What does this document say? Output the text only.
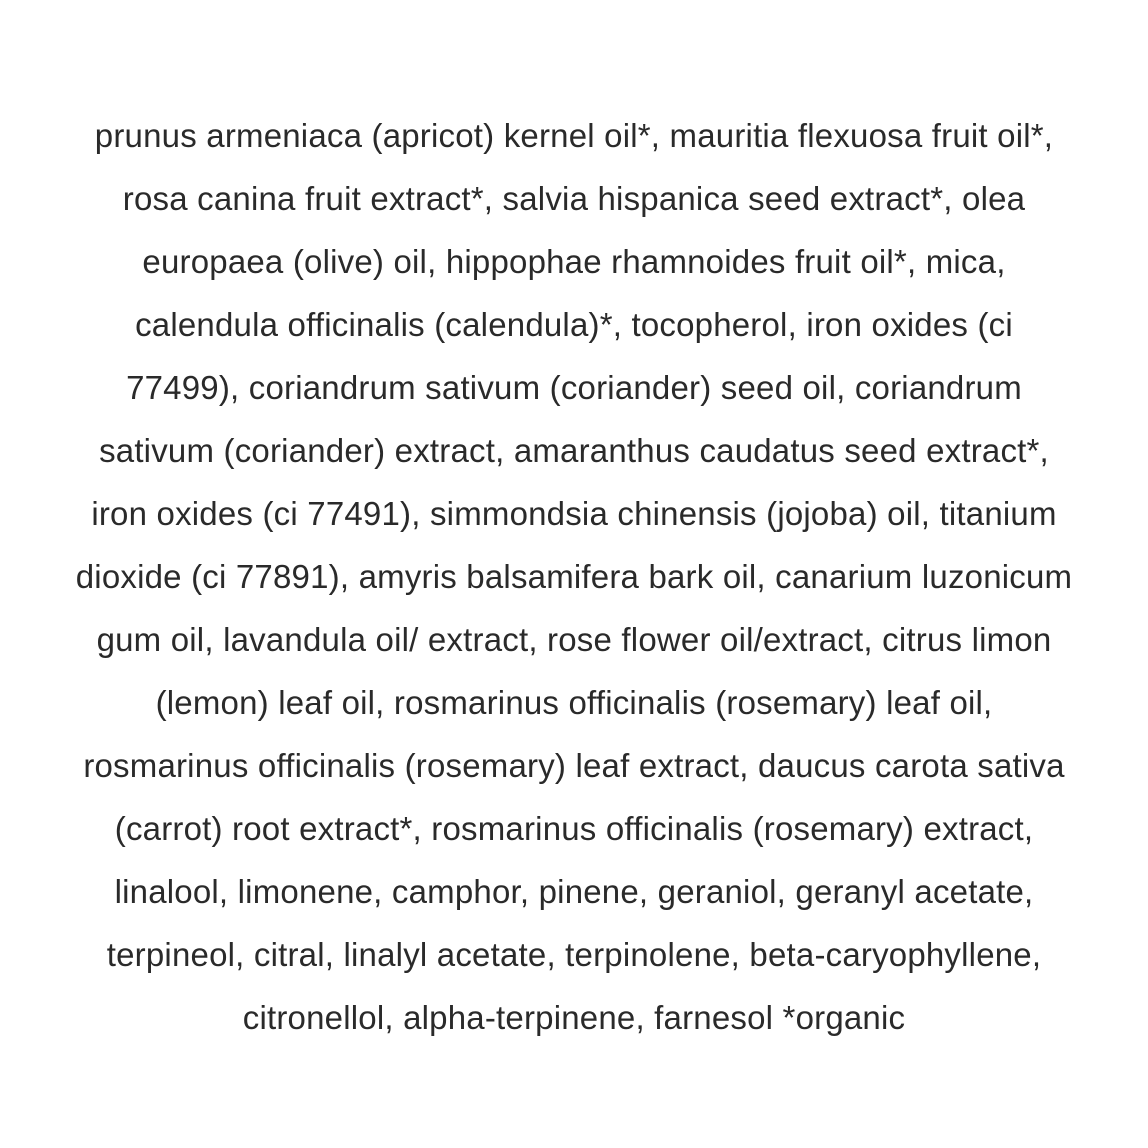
prunus armeniaca (apricot) kernel oil*, mauritia flexuosa fruit oil*,
rosa canina fruit extract*, salvia hispanica seed extract*, olea
europaea (olive) oil, hippophae rhamnoides fruit oil*, mica,
calendula officinalis (calendula)*, tocopherol, iron oxides (ci
77499), coriandrum sativum (coriander) seed oil, coriandrum
sativum (coriander) extract, amaranthus caudatus seed extract*,
iron oxides (ci 77491), simmondsia chinensis (jojoba) oil, titanium
dioxide (ci 77891), amyris balsamifera bark oil, canarium luzonicum
gum oil, lavandula oil/ extract, rose flower oil/extract, citrus limon
(lemon) leaf oil, rosmarinus officinalis (rosemary) leaf oil,
rosmarinus officinalis (rosemary) leaf extract, daucus carota sativa
(carrot) root extract*, rosmarinus officinalis (rosemary) extract,
linalool, limonene, camphor, pinene, geraniol, geranyl acetate,
terpineol, citral, linalyl acetate, terpinolene, beta-caryophyllene,
citronellol, alpha-terpinene, farnesol *organic
